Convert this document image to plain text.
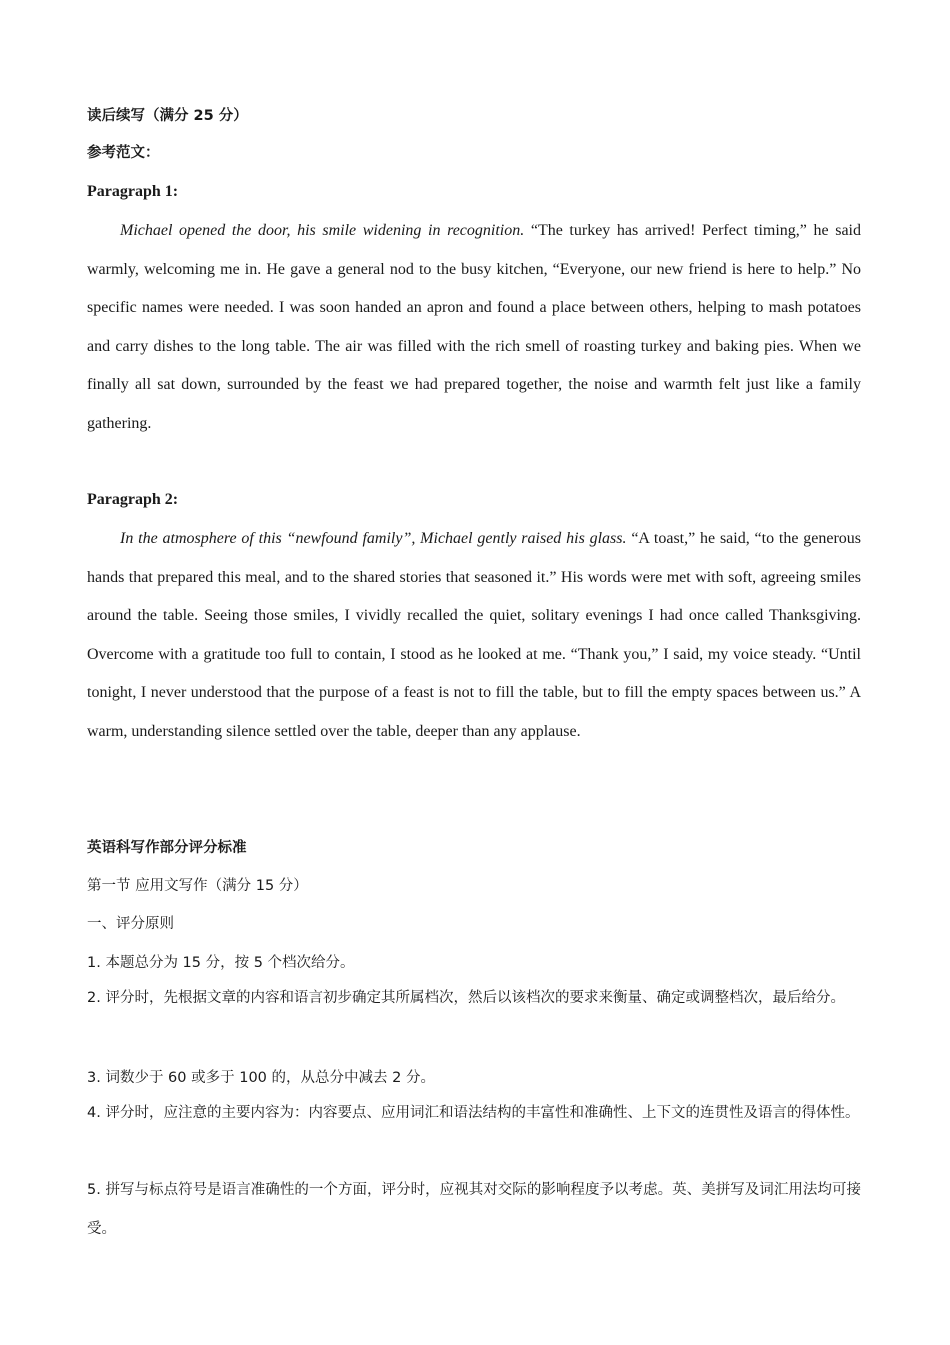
读后续写（满分 25 分）
参考范文：
Paragraph 1:
Michael opened the door, his smile widening in recognition. “The turkey has arrived! Perfect timing,” he said warmly, welcoming me in. He gave a general nod to the busy kitchen, “Everyone, our new friend is here to help.” No specific names were needed. I was soon handed an apron and found a place between others, helping to mash potatoes and carry dishes to the long table. The air was filled with the rich smell of roasting turkey and baking pies. When we finally all sat down, surrounded by the feast we had prepared together, the noise and warmth felt just like a family gathering.
Paragraph 2:
In the atmosphere of this “newfound family”, Michael gently raised his glass. “A toast,” he said, “to the generous hands that prepared this meal, and to the shared stories that seasoned it.” His words were met with soft, agreeing smiles around the table. Seeing those smiles, I vividly recalled the quiet, solitary evenings I had once called Thanksgiving. Overcome with a gratitude too full to contain, I stood as he looked at me. “Thank you,” I said, my voice steady. “Until tonight, I never understood that the purpose of a feast is not to fill the table, but to fill the empty spaces between us.” A warm, understanding silence settled over the table, deeper than any applause.
英语科写作部分评分标准
第一节 应用文写作（满分 15 分）
一、评分原则
1. 本题总分为 15 分，按 5 个档次给分。
2. 评分时，先根据文章的内容和语言初步确定其所属档次，然后以该档次的要求来衡量、确定或调整档次，最后给分。
3. 词数少于 60 或多于 100 的，从总分中减去 2 分。
4. 评分时，应注意的主要内容为：内容要点、应用词汇和语法结构的丰富性和准确性、上下文的连贯性及语言的得体性。
5. 拼写与标点符号是语言准确性的一个方面，评分时，应视其对交际的影响程度予以考虑。英、美拼写及词汇用法均可接受。
